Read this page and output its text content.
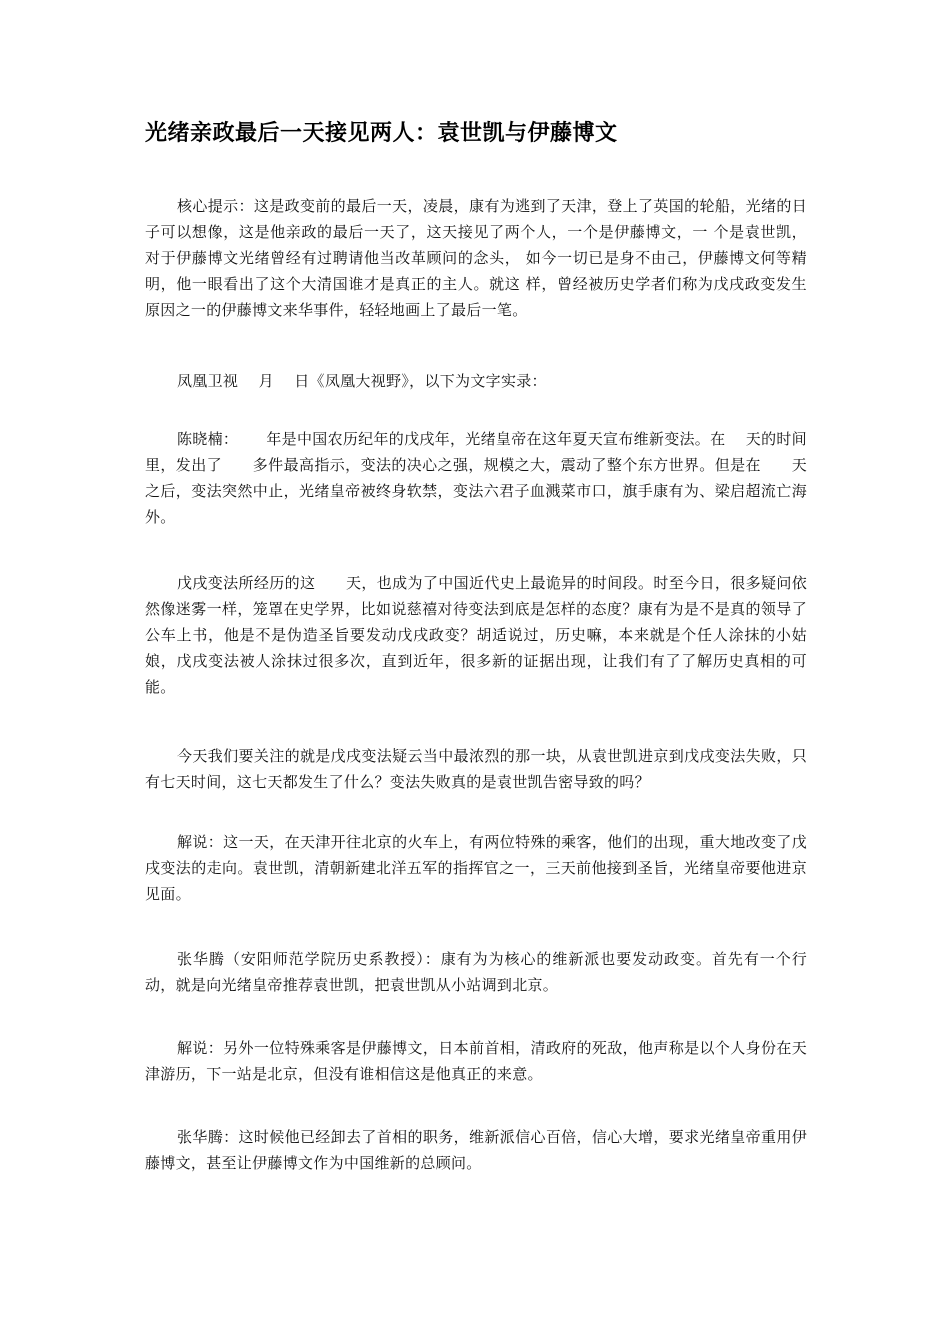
光绪亲政最后一天接见两人：袁世凯与伊藤博文

核心提示：这是政变前的最后一天，凌晨，康有为逃到了天津，登上了英国的轮船，光绪的日子可以想像，这是他亲政的最后一天了，这天接见了两个人，一个是伊藤博文，一 个是袁世凯，对于伊藤博文光绪曾经有过聘请他当改革顾问的念头， 如今一切已是身不由己，伊藤博文何等精明，他一眼看出了这个大清国谁才是真正的主人。就这 样，曾经被历史学者们称为戊戌政变发生原因之一的伊藤博文来华事件，轻轻地画上了最后一笔。

凤凰卫视　 月　 日《凤凰大视野》，以下为文字实录：

陈晓楠：　　 年是中国农历纪年的戊戌年，光绪皇帝在这年夏天宣布维新变法。在　 天的时间里，发出了　　多件最高指示，变法的决心之强，规模之大，震动了整个东方世界。但是在　　天之后，变法突然中止，光绪皇帝被终身软禁，变法六君子血溅菜市口，旗手康有为、梁启超流亡海外。

戊戌变法所经历的这　　天，也成为了中国近代史上最诡异的时间段。时至今日，很多疑问依然像迷雾一样，笼罩在史学界，比如说慈禧对待变法到底是怎样的态度？康有为是不是真的领导了公车上书，他是不是伪造圣旨要发动戊戌政变？胡适说过，历史嘛，本来就是个任人涂抹的小姑娘，戊戌变法被人涂抹过很多次，直到近年，很多新的证据出现，让我们有了了解历史真相的可能。

今天我们要关注的就是戊戌变法疑云当中最浓烈的那一块，从袁世凯进京到戊戌变法失败，只有七天时间，这七天都发生了什么？变法失败真的是袁世凯告密导致的吗？

解说：这一天，在天津开往北京的火车上，有两位特殊的乘客，他们的出现，重大地改变了戊戌变法的走向。袁世凯，清朝新建北洋五军的指挥官之一，三天前他接到圣旨，光绪皇帝要他进京见面。

张华腾（安阳师范学院历史系教授）：康有为为核心的维新派也要发动政变。首先有一个行动，就是向光绪皇帝推荐袁世凯，把袁世凯从小站调到北京。

解说：另外一位特殊乘客是伊藤博文，日本前首相，清政府的死敌，他声称是以个人身份在天津游历，下一站是北京，但没有谁相信这是他真正的来意。

张华腾：这时候他已经卸去了首相的职务，维新派信心百倍，信心大增，要求光绪皇帝重用伊藤博文，甚至让伊藤博文作为中国维新的总顾问。
